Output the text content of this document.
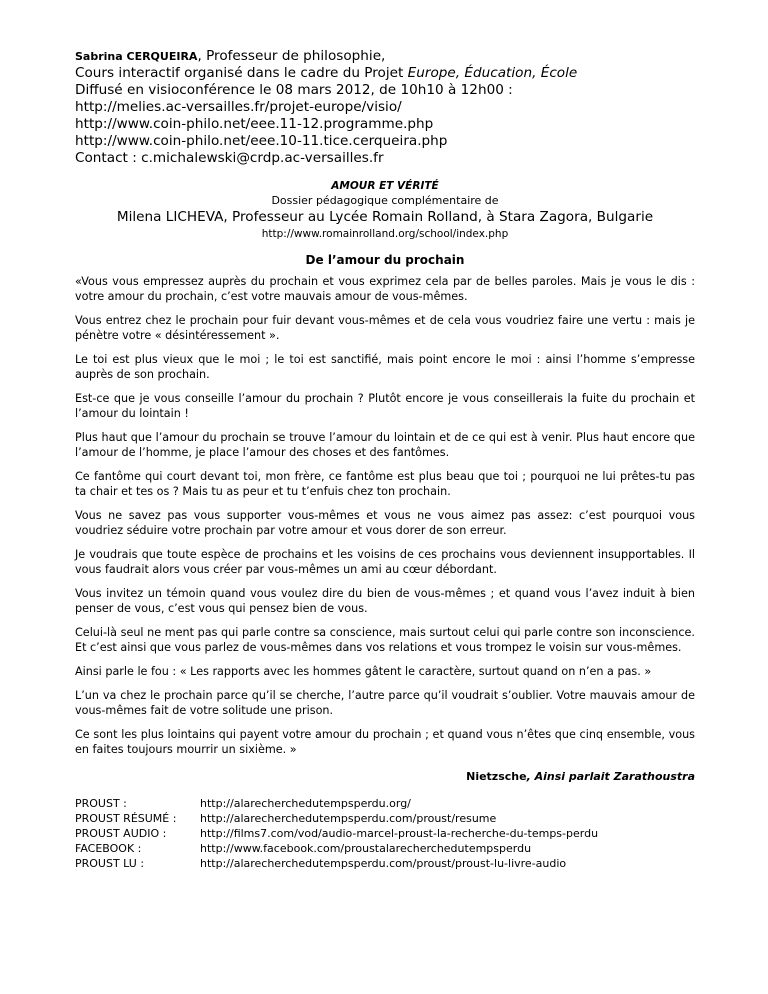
Sabrina CERQUEIRA, Professeur de philosophie,
Cours interactif organisé dans le cadre du Projet Europe, Éducation, École
Diffusé en visioconférence le 08 mars 2012, de 10h10 à 12h00 :
http://melies.ac-versailles.fr/projet-europe/visio/
http://www.coin-philo.net/eee.11-12.programme.php
http://www.coin-philo.net/eee.10-11.tice.cerqueira.php
Contact : c.michalewski@crdp.ac-versailles.fr
AMOUR ET VÉRITÉ
Dossier pédagogique complémentaire de
Milena LICHEVA, Professeur au Lycée Romain Rolland, à Stara Zagora, Bulgarie
http://www.romainrolland.org/school/index.php
De l’amour du prochain

«Vous vous empressez auprès du prochain et vous exprimez cela par de belles paroles. Mais je vous le dis : votre amour du prochain, c’est votre mauvais amour de vous-mêmes.

Vous entrez chez le prochain pour fuir devant vous-mêmes et de cela vous voudriez faire une vertu : mais je pénètre votre « désintéressement ».

Le toi est plus vieux que le moi ; le toi est sanctifié, mais point encore le moi : ainsi l’homme s’empresse auprès de son prochain.

Est-ce que je vous conseille l’amour du prochain ? Plutôt encore je vous conseillerais la fuite du prochain et l’amour du lointain !

Plus haut que l’amour du prochain se trouve l’amour du lointain et de ce qui est à venir. Plus haut encore que l’amour de l’homme, je place l’amour des choses et des fantômes.

Ce fantôme qui court devant toi, mon frère, ce fantôme est plus beau que toi ; pourquoi ne lui prêtes-tu pas ta chair et tes os ? Mais tu as peur et tu t’enfuis chez ton prochain.

Vous ne savez pas vous supporter vous-mêmes et vous ne vous aimez pas assez: c’est pourquoi vous voudriez séduire votre prochain par votre amour et vous dorer de son erreur.

Je voudrais que toute espèce de prochains et les voisins de ces prochains vous deviennent insupportables. Il vous faudrait alors vous créer par vous-mêmes un ami au cœur débordant.

Vous invitez un témoin quand vous voulez dire du bien de vous-mêmes ; et quand vous l’avez induit à bien penser de vous, c’est vous qui pensez bien de vous.

Celui-là seul ne ment pas qui parle contre sa conscience, mais surtout celui qui parle contre son inconscience. Et c’est ainsi que vous parlez de vous-mêmes dans vos relations et vous trompez le voisin sur vous-mêmes.

Ainsi parle le fou : « Les rapports avec les hommes gâtent le caractère, surtout quand on n’en a pas. »

L’un va chez le prochain parce qu’il se cherche, l’autre parce qu’il voudrait s’oublier. Votre mauvais amour de vous-mêmes fait de votre solitude une prison.

Ce sont les plus lointains qui payent votre amour du prochain ; et quand vous n’êtes que cinq ensemble, vous en faites toujours mourrir un sixième. »

Nietzsche, Ainsi parlait Zarathoustra
PROUST :	http://alarecherchedutempsperdu.org/
PROUST RÉSUMÉ :	http://alarecherchedutempsperdu.com/proust/resume
PROUST AUDIO :	http://films7.com/vod/audio-marcel-proust-la-recherche-du-temps-perdu
FACEBOOK :	http://www.facebook.com/proustalarecherchedutempsperdu
PROUST LU :	http://alarecherchedutempsperdu.com/proust/proust-lu-livre-audio
